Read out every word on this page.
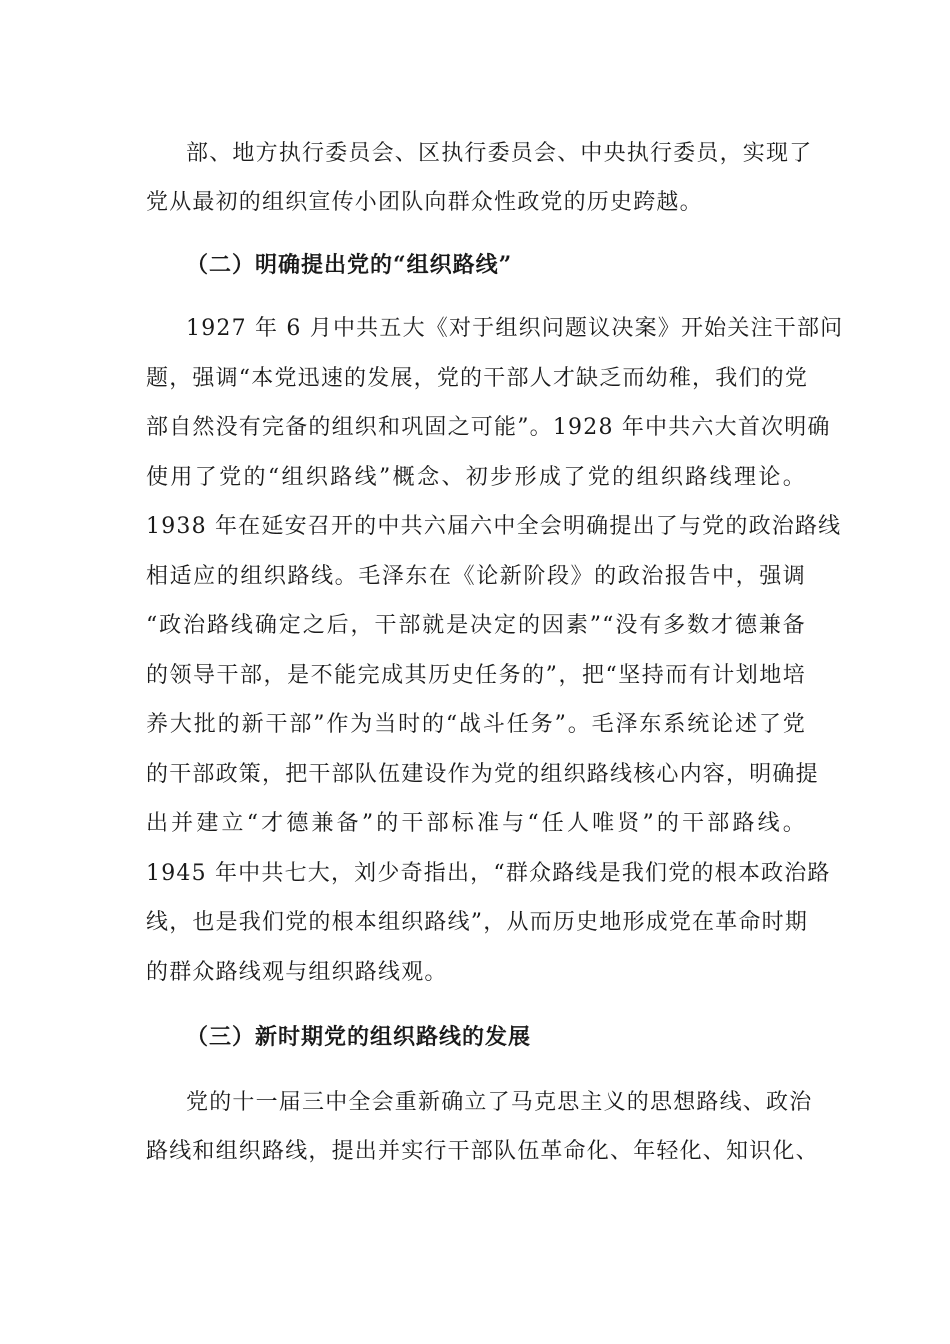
部、地方执行委员会、区执行委员会、中央执行委员，实现了
党从最初的组织宣传小团队向群众性政党的历史跨越。
（二）明确提出党的“组织路线”
1927 年 6 月中共五大《对于组织问题议决案》开始关注干部问
题，强调“本党迅速的发展，党的干部人才缺乏而幼稚，我们的党
部自然没有完备的组织和巩固之可能”。1928 年中共六大首次明确
使用了党的“组织路线”概念、初步形成了党的组织路线理论。
1938 年在延安召开的中共六届六中全会明确提出了与党的政治路线
相适应的组织路线。毛泽东在《论新阶段》的政治报告中，强调
“政治路线确定之后，干部就是决定的因素”“没有多数才德兼备
的领导干部，是不能完成其历史任务的”，把“坚持而有计划地培
养大批的新干部”作为当时的“战斗任务”。毛泽东系统论述了党
的干部政策，把干部队伍建设作为党的组织路线核心内容，明确提
出并建立“才德兼备”的干部标准与“任人唯贤”的干部路线。
1945 年中共七大，刘少奇指出，“群众路线是我们党的根本政治路
线，也是我们党的根本组织路线”，从而历史地形成党在革命时期
的群众路线观与组织路线观。
（三）新时期党的组织路线的发展
党的十一届三中全会重新确立了马克思主义的思想路线、政治
路线和组织路线，提出并实行干部队伍革命化、年轻化、知识化、
